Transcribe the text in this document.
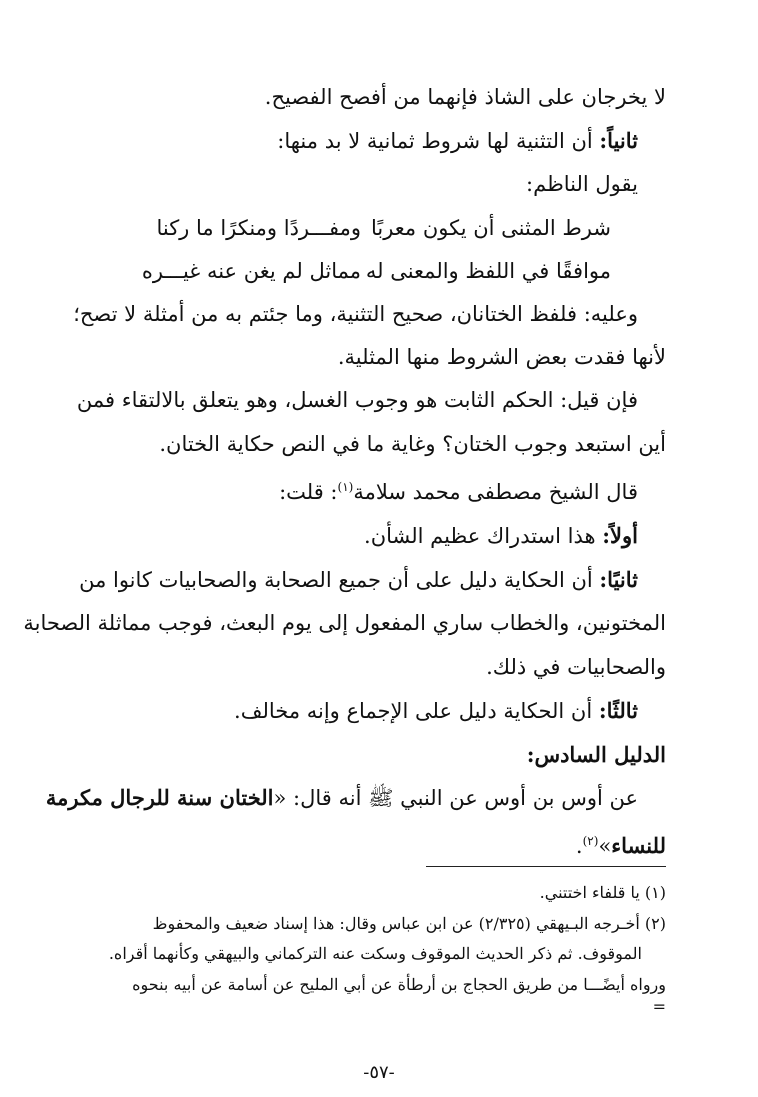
لا يخرجان على الشاذ فإنهما من أفصح الفصيح.
ثانياً: أن التثنية لها شروط ثمانية لا بد منها:
يقول الناظم:
شرط المثنى أن يكون معربًا
ومفـــردًا ومنكرًا ما ركنا
موافقًا في اللفظ والمعنى له
مماثل لم يغن عنه غيـــره
وعليه: فلفظ الختانان، صحيح التثنية، وما جئتم به من أمثلة لا تصح؛
لأنها فقدت بعض الشروط منها المثلية.
فإن قيل: الحكم الثابت هو وجوب الغسل، وهو يتعلق بالالتقاء فمن
أين استبعد وجوب الختان؟ وغاية ما في النص حكاية الختان.
قال الشيخ مصطفى محمد سلامة$^{(١)}$: قلت:
أولاً: هذا استدراك عظيم الشأن.
ثانيًا: أن الحكاية دليل على أن جميع الصحابة والصحابيات كانوا من
المختونين، والخطاب ساري المفعول إلى يوم البعث، فوجب مماثلة الصحابة
والصحابيات في ذلك.
ثالثًا: أن الحكاية دليل على الإجماع وإنه مخالف.
الدليل السادس:
عن أوس بن أوس عن النبي ﷺ أنه قال: «الختان سنة للرجال مكرمة
للنساء»$^{(٢)}$.
(١) يا قلفاء اختتني.
(٢) أخـرجه البـيهقي (٢/٣٢٥) عن ابن عباس وقال: هذا إسناد ضعيف والمحفوظ
الموقوف. ثم ذكر الحديث الموقوف وسكت عنه التركماني والبيهقي وكأنهما أقراه.
ورواه أيضًـــا من طريق الحجاج بن أرطأة عن أبي المليح عن أسامة عن أبيه بنحوه
=
-٥٧-
